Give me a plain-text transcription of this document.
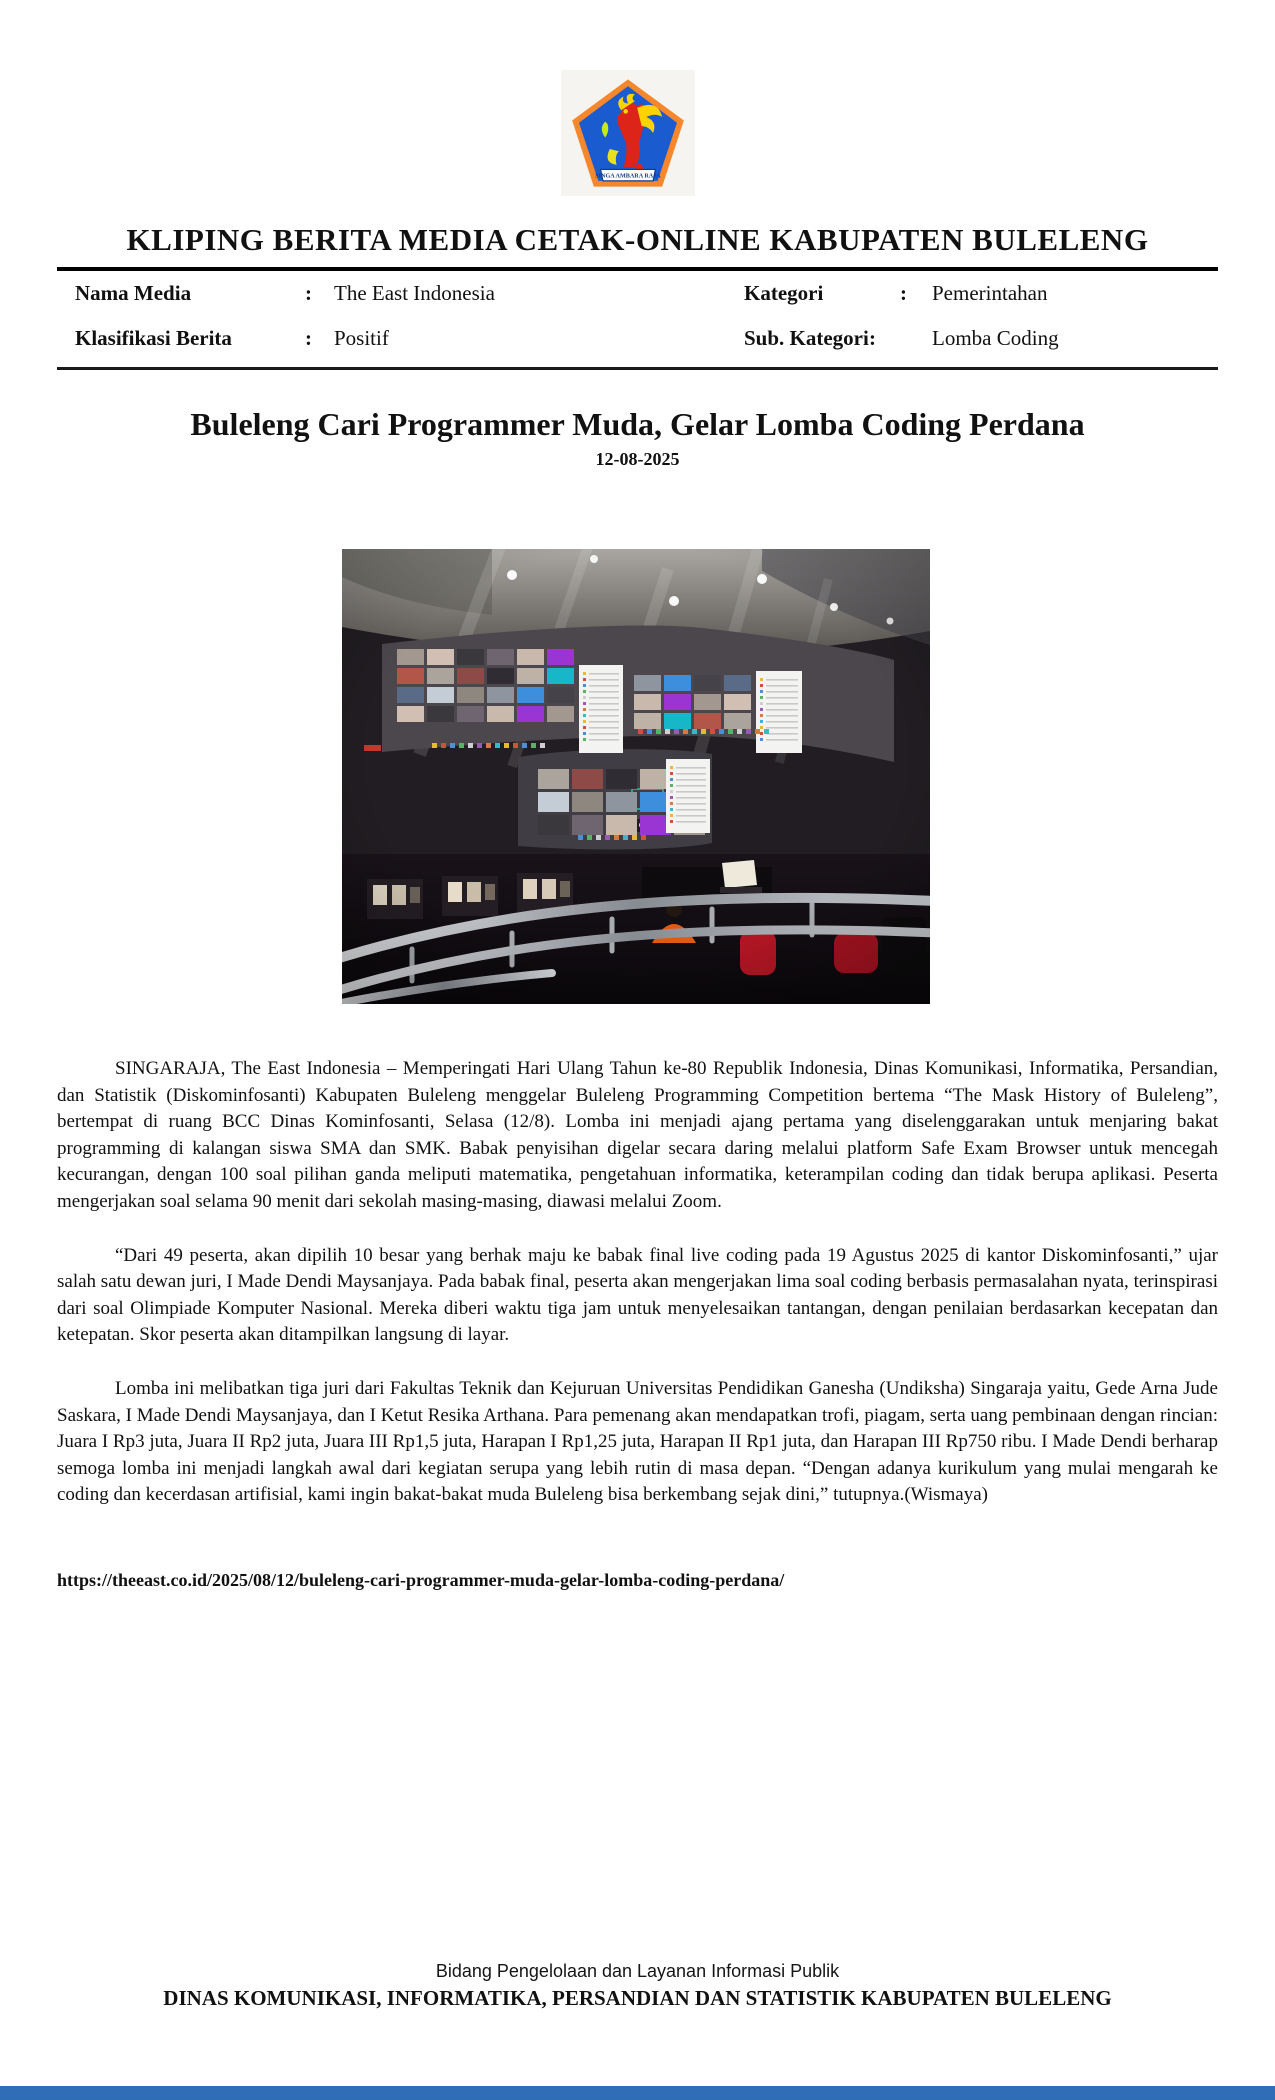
SINGA AMBARA RAJA
KLIPING BERITA MEDIA CETAK-ONLINE KABUPATEN BULELENG
Nama Media	: The East Indonesia	Kategori	: Pemerintahan
Klasifikasi Berita	: Positif	Sub. Kategori :	Lomba Coding
Buleleng Cari Programmer Muda, Gelar Lomba Coding Perdana
12-08-2025

SINGARAJA, The East Indonesia – Memperingati Hari Ulang Tahun ke-80 Republik Indonesia, Dinas Komunikasi, Informatika, Persandian, dan Statistik (Diskominfosanti) Kabupaten Buleleng menggelar Buleleng Programming Competition bertema “The Mask History of Buleleng”, bertempat di ruang BCC Dinas Kominfosanti, Selasa (12/8). Lomba ini menjadi ajang pertama yang diselenggarakan untuk menjaring bakat programming di kalangan siswa SMA dan SMK. Babak penyisihan digelar secara daring melalui platform Safe Exam Browser untuk mencegah kecurangan, dengan 100 soal pilihan ganda meliputi matematika, pengetahuan informatika, keterampilan coding dan tidak berupa aplikasi. Peserta mengerjakan soal selama 90 menit dari sekolah masing-masing, diawasi melalui Zoom.

“Dari 49 peserta, akan dipilih 10 besar yang berhak maju ke babak final live coding pada 19 Agustus 2025 di kantor Diskominfosanti,” ujar salah satu dewan juri, I Made Dendi Maysanjaya. Pada babak final, peserta akan mengerjakan lima soal coding berbasis permasalahan nyata, terinspirasi dari soal Olimpiade Komputer Nasional. Mereka diberi waktu tiga jam untuk menyelesaikan tantangan, dengan penilaian berdasarkan kecepatan dan ketepatan. Skor peserta akan ditampilkan langsung di layar.

Lomba ini melibatkan tiga juri dari Fakultas Teknik dan Kejuruan Universitas Pendidikan Ganesha (Undiksha) Singaraja yaitu, Gede Arna Jude Saskara, I Made Dendi Maysanjaya, dan I Ketut Resika Arthana. Para pemenang akan mendapatkan trofi, piagam, serta uang pembinaan dengan rincian: Juara I Rp3 juta, Juara II Rp2 juta, Juara III Rp1,5 juta, Harapan I Rp1,25 juta, Harapan II Rp1 juta, dan Harapan III Rp750 ribu. I Made Dendi berharap semoga lomba ini menjadi langkah awal dari kegiatan serupa yang lebih rutin di masa depan. “Dengan adanya kurikulum yang mulai mengarah ke coding dan kecerdasan artifisial, kami ingin bakat-bakat muda Buleleng bisa berkembang sejak dini,” tutupnya.(Wismaya)

https://theeast.co.id/2025/08/12/buleleng-cari-programmer-muda-gelar-lomba-coding-perdana/
Bidang Pengelolaan dan Layanan Informasi Publik
DINAS KOMUNIKASI, INFORMATIKA, PERSANDIAN DAN STATISTIK KABUPATEN BULELENG
